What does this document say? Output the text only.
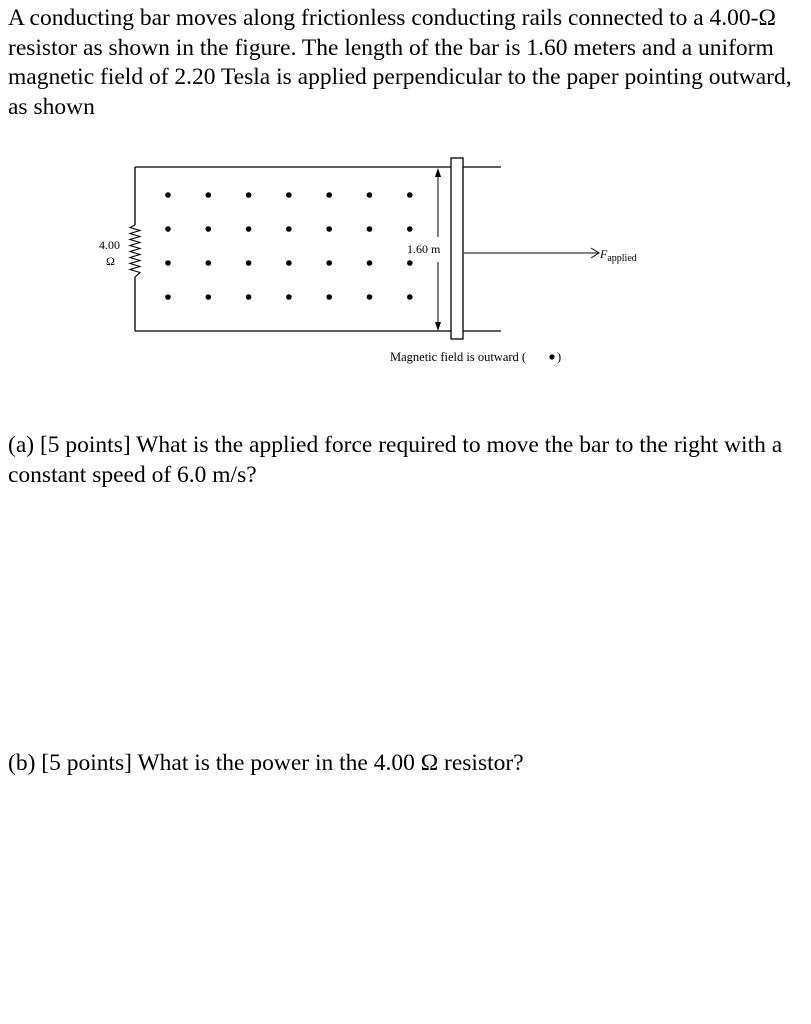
A conducting bar moves along frictionless conducting rails connected to a 4.00-Ω resistor as shown in the figure. The length of the bar is 1.60 meters and a uniform magnetic field of 2.20 Tesla is applied perpendicular to the paper pointing outward, as shown

4.00
Ω
1.60 m	$F_{applied}$
Magnetic field is outward ( )

(a) [5 points] What is the applied force required to move the bar to the right with a constant speed of 6.0 m/s?

(b) [5 points] What is the power in the 4.00 Ω resistor?
